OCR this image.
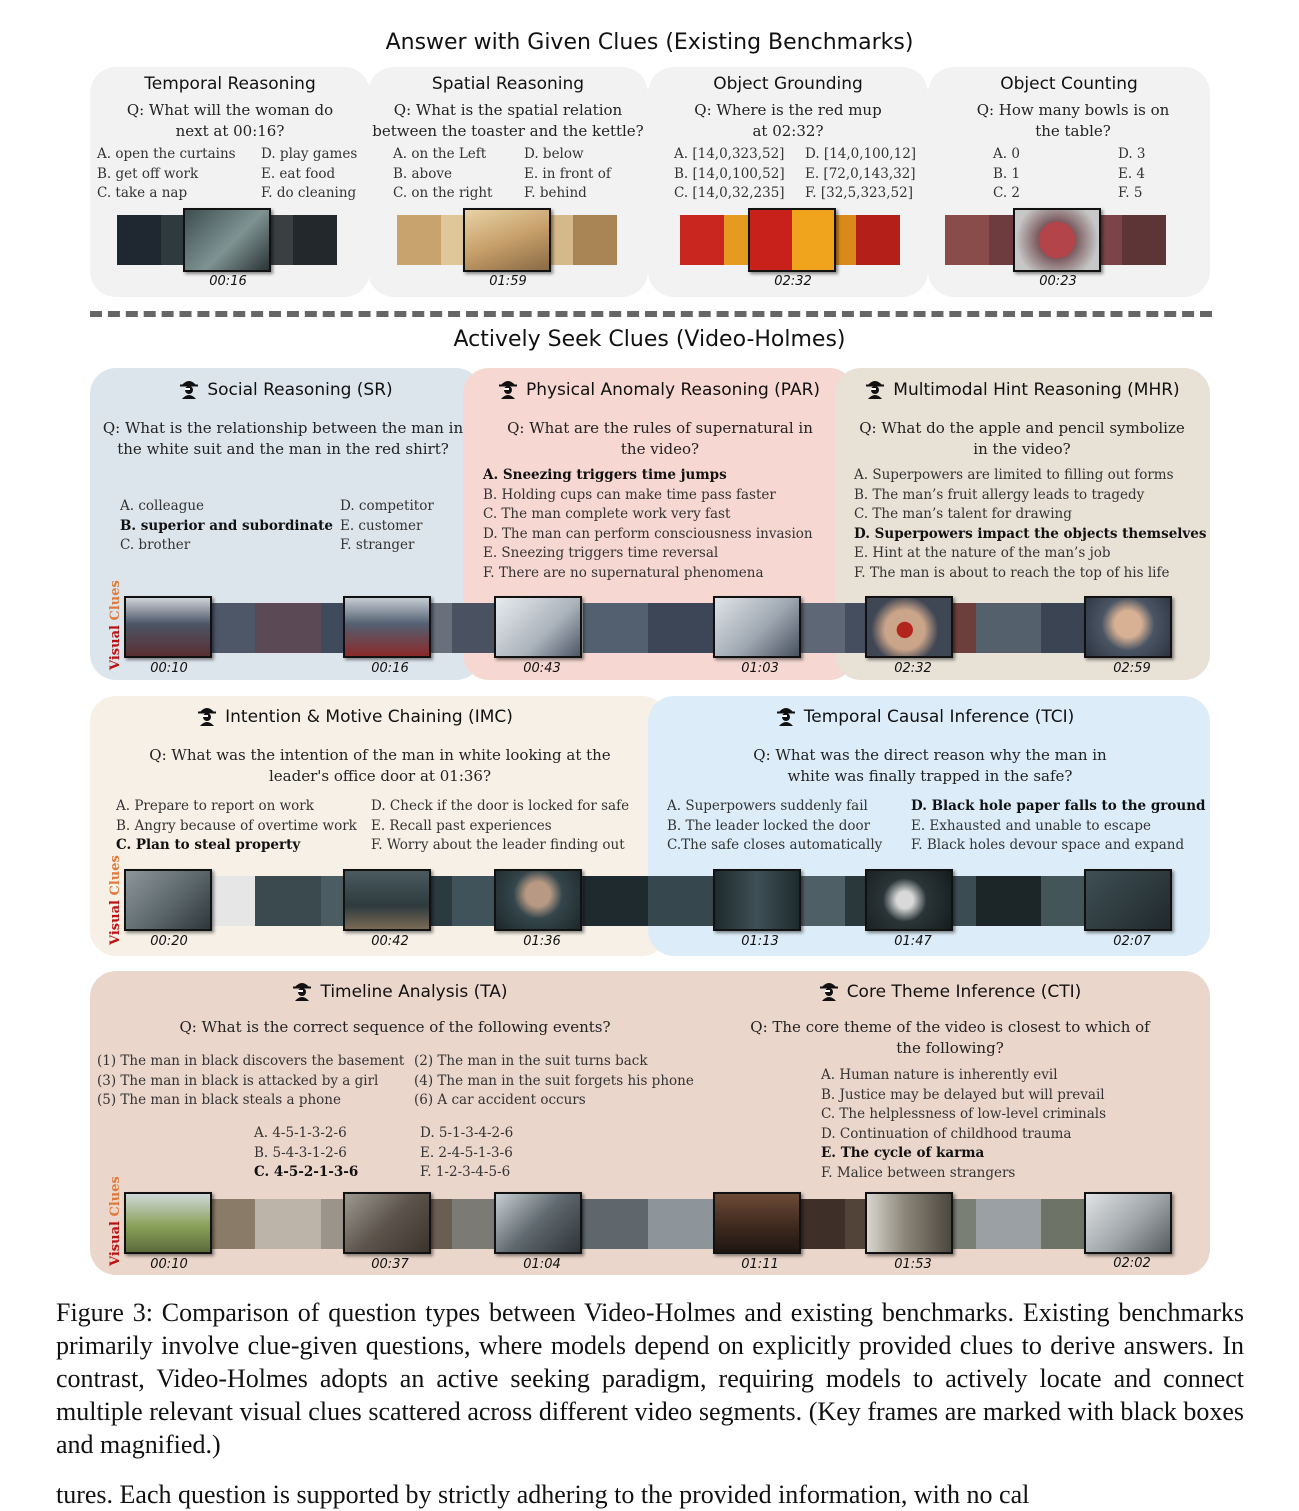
Answer with Given Clues (Existing Benchmarks)
Temporal Reasoning
Q: What will the woman do next at 00:16?
A. open the curtains
B. get off work
C. take a nap
D. play games
E. eat food
F. do cleaning
00:16
Spatial Reasoning
Q: What is the spatial relation between the toaster and the kettle?
A. on the Left
B. above
C. on the right
D. below
E. in front of
F. behind
01:59
Object Grounding
Q: Where is the red mup at 02:32?
A. [14,0,323,52]
B. [14,0,100,52]
C. [14,0,32,235]
D. [14,0,100,12]
E. [72,0,143,32]
F. [32,5,323,52]
02:32
Object Counting
Q: How many bowls is on the table?
A. 0
B. 1
C. 2
D. 3
E. 4
F. 5
00:23
Actively Seek Clues (Video-Holmes)
Social Reasoning (SR)
Q: What is the relationship between the man in the white suit and the man in the red shirt?
A. colleague
B. superior and subordinate
C. brother
D. competitor
E. customer
F. stranger
Physical Anomaly Reasoning (PAR)
Q: What are the rules of supernatural in the video?
A. Sneezing triggers time jumps
B. Holding cups can make time pass faster
C. The man complete work very fast
D. The man can perform consciousness invasion
E. Sneezing triggers time reversal
F. There are no supernatural phenomena
Multimodal Hint Reasoning (MHR)
Q: What do the apple and pencil symbolize in the video?
A. Superpowers are limited to filling out forms
B. The man’s fruit allergy leads to tragedy
C. The man’s talent for drawing
D. Superpowers impact the objects themselves
E. Hint at the nature of the man’s job
F. The man is about to reach the top of his life
Visual Clues
00:10	00:16	00:43	01:03	02:32	02:59
Intention & Motive Chaining (IMC)
Q: What was the intention of the man in white looking at the leader's office door at 01:36?
A. Prepare to report on work
B. Angry because of overtime work
C. Plan to steal property
D. Check if the door is locked for safe
E. Recall past experiences
F. Worry about the leader finding out
Temporal Causal Inference (TCI)
Q: What was the direct reason why the man in white was finally trapped in the safe?
A. Superpowers suddenly fail
B. The leader locked the door
C.The safe closes automatically
D. Black hole paper falls to the ground
E. Exhausted and unable to escape
F. Black holes devour space and expand
Visual Clues
00:20	00:42	01:36	01:13	01:47	02:07
Timeline Analysis (TA)
Q: What is the correct sequence of the following events?
(1) The man in black discovers the basement
(3) The man in black is attacked by a girl
(5) The man in black steals a phone
(2) The man in the suit turns back
(4) The man in the suit forgets his phone
(6) A car accident occurs
A. 4-5-1-3-2-6
B. 5-4-3-1-2-6
C. 4-5-2-1-3-6
D. 5-1-3-4-2-6
E. 2-4-5-1-3-6
F. 1-2-3-4-5-6
Core Theme Inference (CTI)
Q: The core theme of the video is closest to which of the following?
A. Human nature is inherently evil
B. Justice may be delayed but will prevail
C. The helplessness of low-level criminals
D. Continuation of childhood trauma
E. The cycle of karma
F. Malice between strangers
Visual Clues
00:10	00:37	01:04	01:11	01:53	02:02
Figure 3: Comparison of question types between Video-Holmes and existing benchmarks. Existing benchmarks primarily involve clue-given questions, where models depend on explicitly provided clues to derive answers. In contrast, Video-Holmes adopts an active seeking paradigm, requiring models to actively locate and connect multiple relevant visual clues scattered across different video segments. (Key frames are marked with black boxes and magnified.)
tures. Each question is supported by strictly adhering to the provided information, with no cal
